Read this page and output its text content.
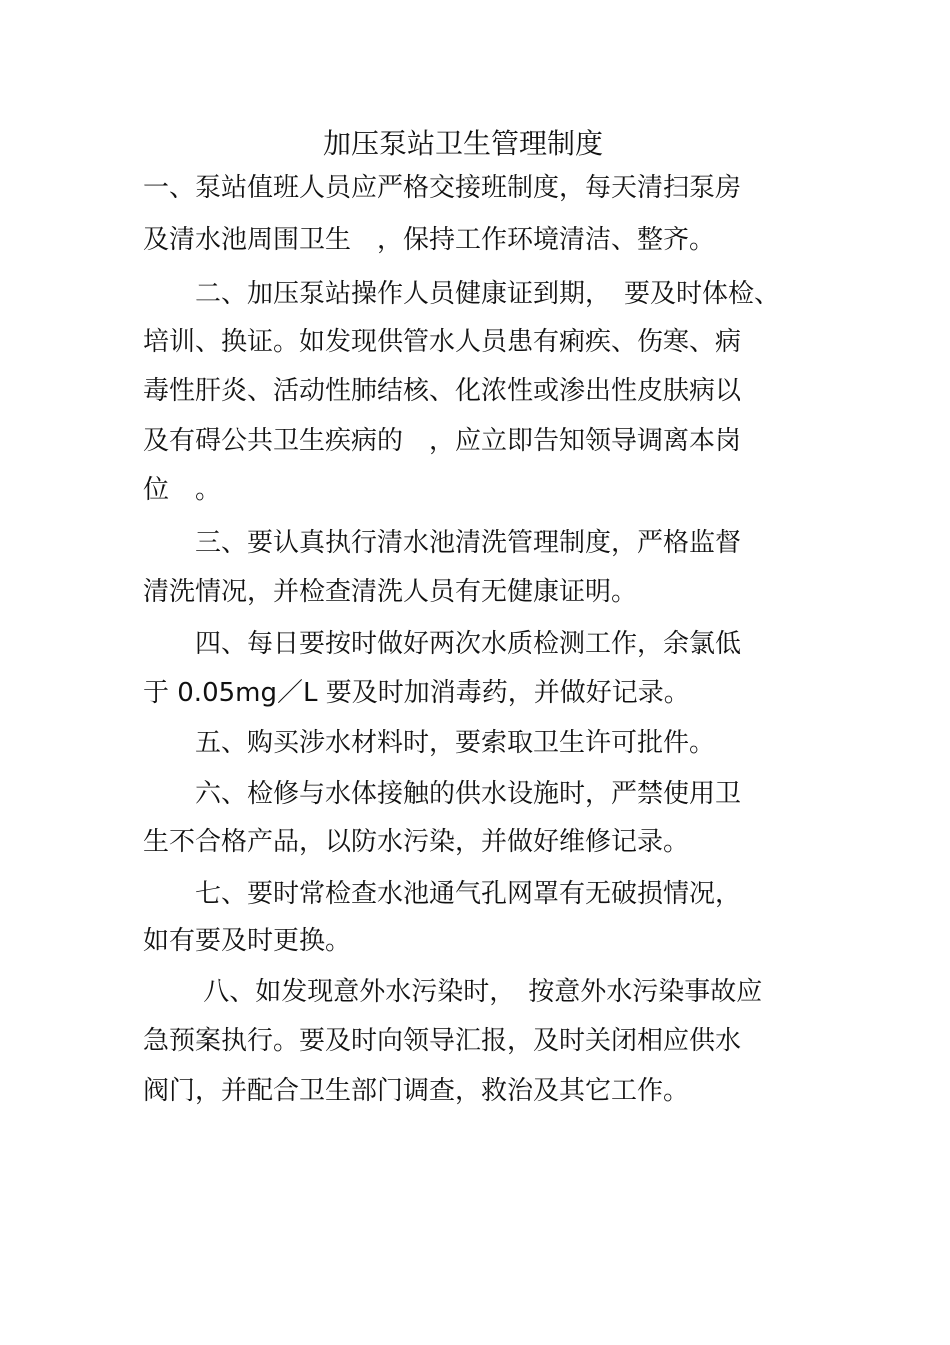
加压泵站卫生管理制度
一、泵站值班人员应严格交接班制度，每天清扫泵房
及清水池周围卫生　，保持工作环境清洁、整齐。
　　二、加压泵站操作人员健康证到期，　要及时体检、
培训、换证。如发现供管水人员患有痢疾、伤寒、病
毒性肝炎、活动性肺结核、化浓性或渗出性皮肤病以
及有碍公共卫生疾病的　，应立即告知领导调离本岗
位　。
　　三、要认真执行清水池清洗管理制度，严格监督
清洗情况，并检查清洗人员有无健康证明。
　　四、每日要按时做好两次水质检测工作，余氯低
于 0.05mg／L 要及时加消毒药，并做好记录。
　　五、购买涉水材料时，要索取卫生许可批件。
　　六、检修与水体接触的供水设施时，严禁使用卫
生不合格产品，以防水污染，并做好维修记录。
　　七、要时常检查水池通气孔网罩有无破损情况，
如有要及时更换。
　　 八、如发现意外水污染时，　按意外水污染事故应
急预案执行。要及时向领导汇报，及时关闭相应供水
阀门，并配合卫生部门调查，救治及其它工作。
